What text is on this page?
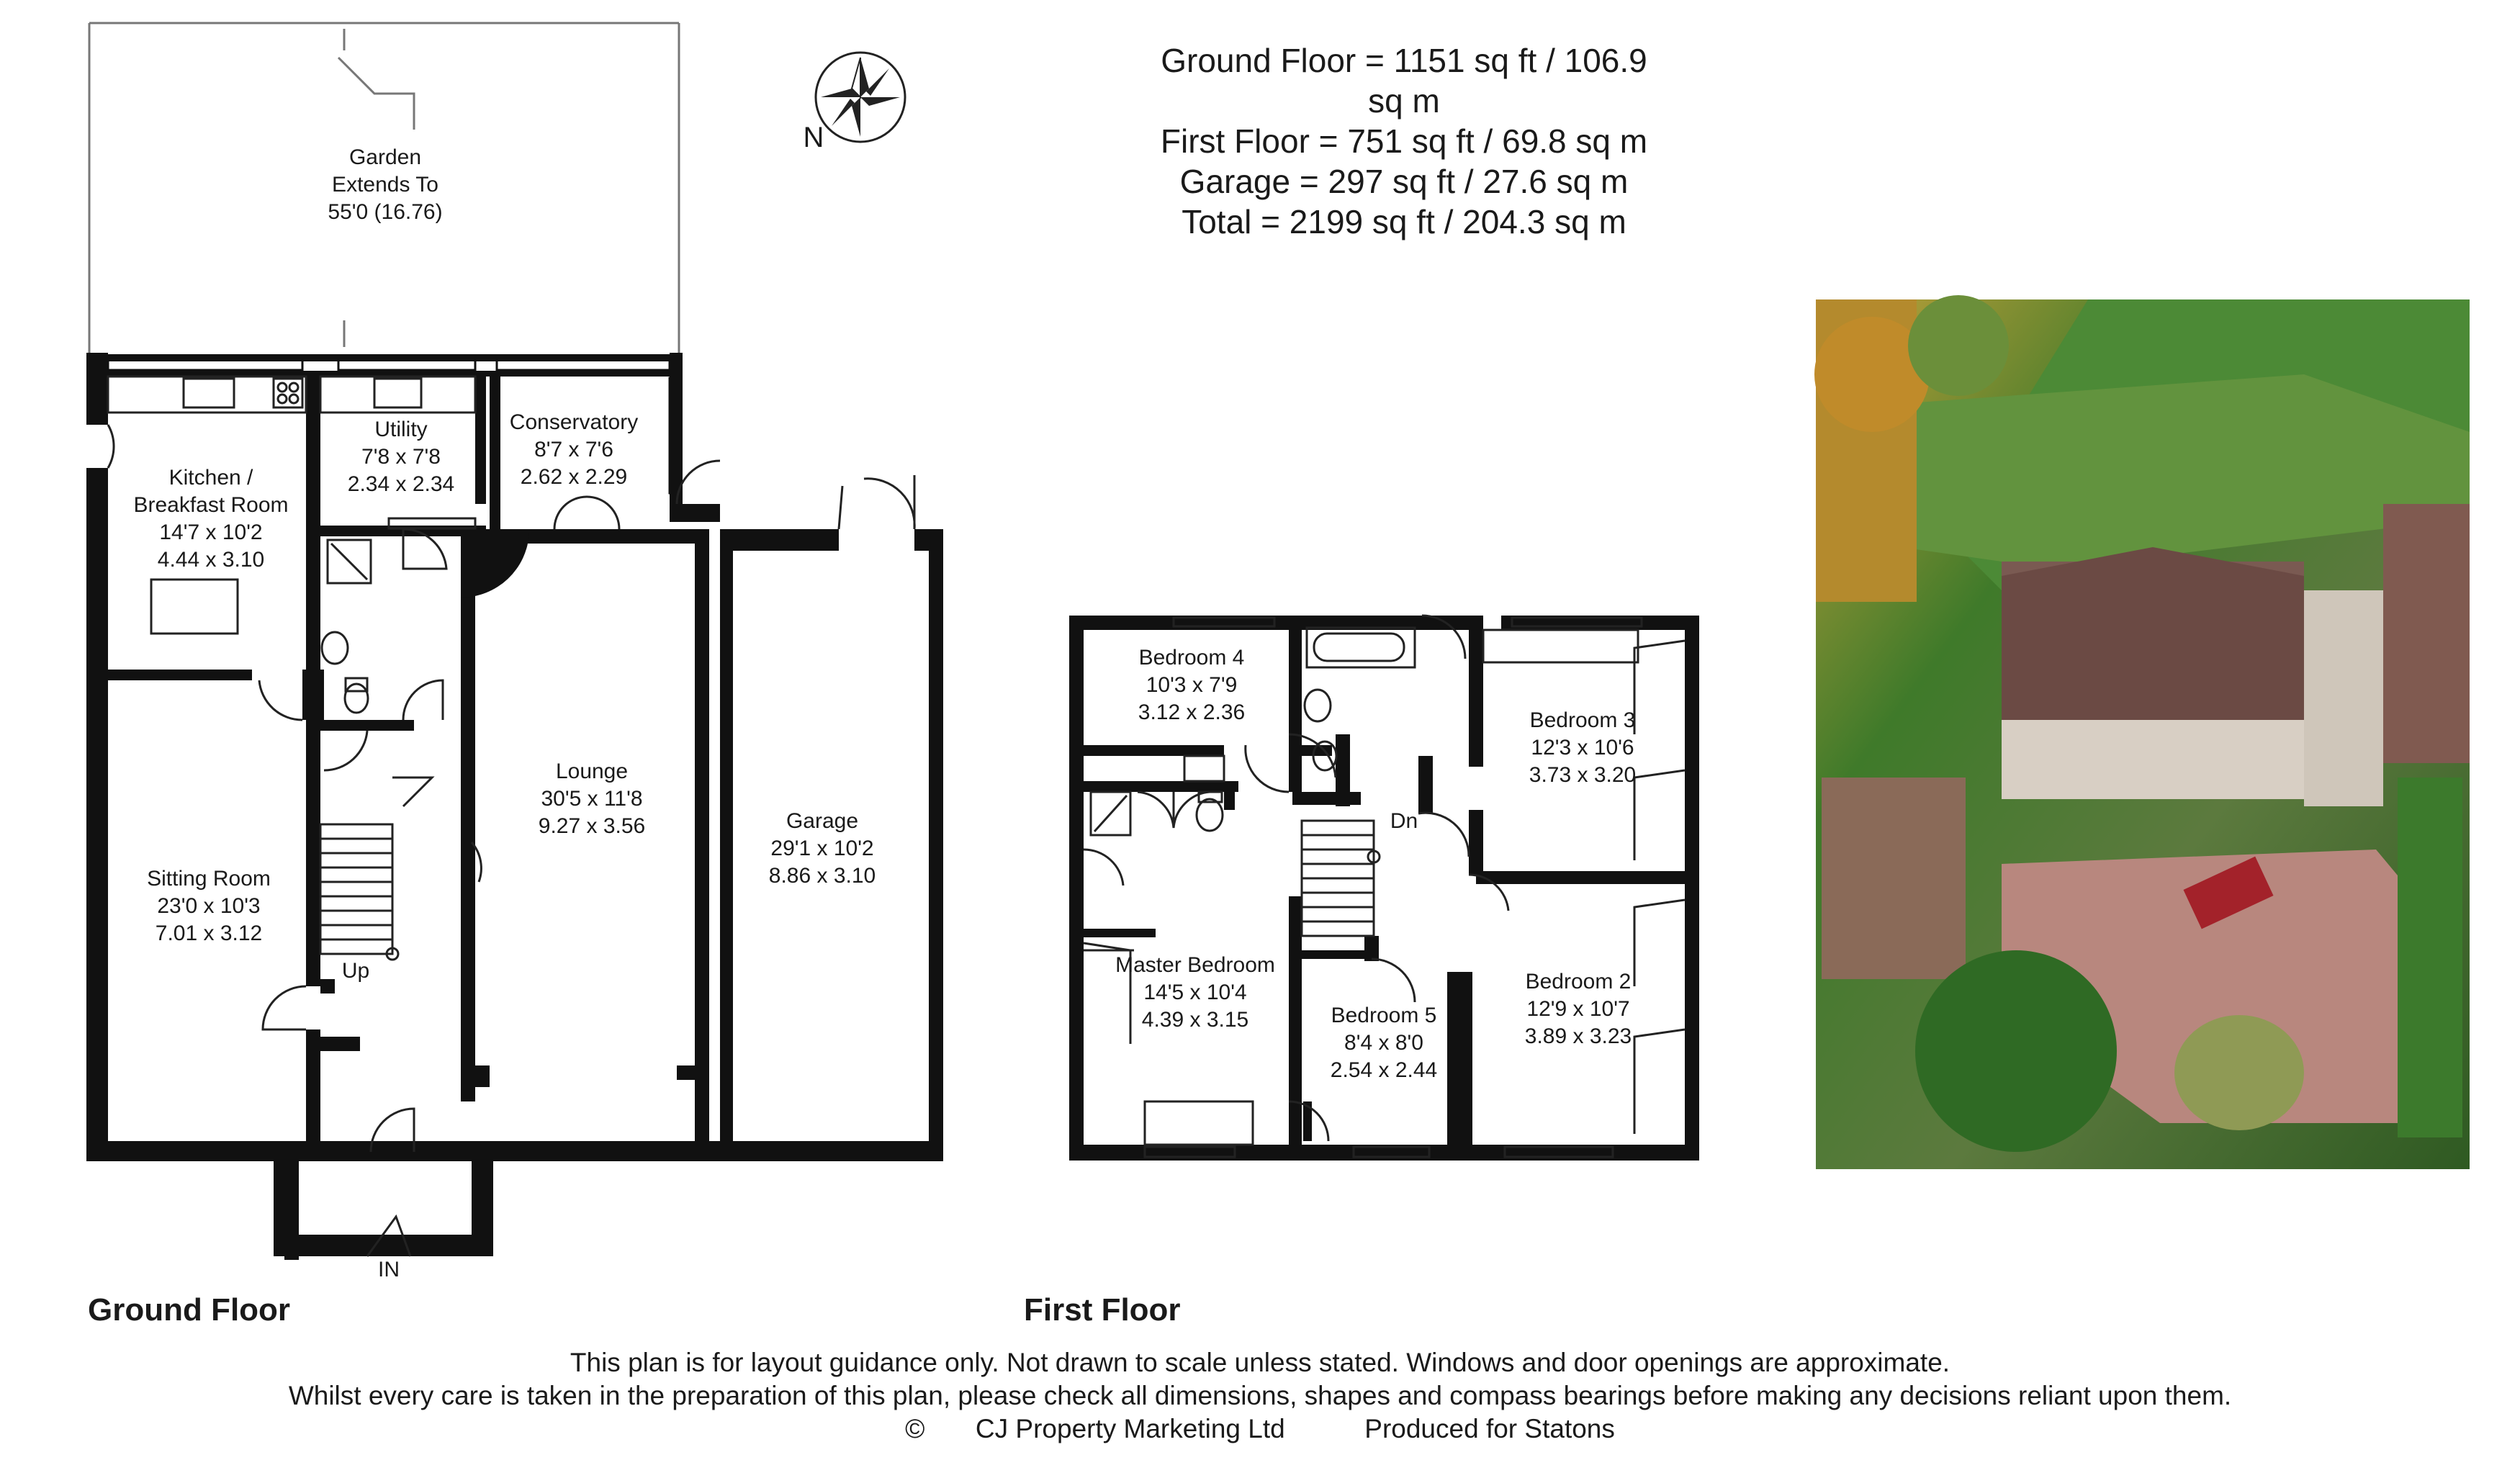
Ground Floor = 1151 sq ft / 106.9 sq m
First Floor = 751 sq ft / 69.8 sq m
Garage = 297 sq ft / 27.6 sq m
Total = 2199 sq ft / 204.3 sq m
N
Garden
Extends To
55'0 (16.76)
Kitchen /
Breakfast Room
14'7 x 10'2
4.44 x 3.10
Utility
7'8 x 7'8
2.34 x 2.34
Conservatory
8'7 x 7'6
2.62 x 2.29
Sitting Room
23'0 x 10'3
7.01 x 3.12
Lounge
30'5 x 11'8
9.27 x 3.56	Garage
29'1 x 10'2
8.86 x 3.10
Up
IN
Bedroom 4
10'3 x 7'9
3.12 x 2.36	Bedroom 3
12'3 x 10'6
3.73 x 3.20
Master Bedroom
14'5 x 10'4
4.39 x 3.15	Bedroom 5
8'4 x 8'0
2.54 x 2.44
Bedroom 2
12'9 x 10'7
3.89 x 3.23
Dn
Ground Floor	First Floor
This plan is for layout guidance only. Not drawn to scale unless stated. Windows and door openings are approximate.
Whilst every care is taken in the preparation of this plan, please check all dimensions, shapes and compass bearings before making any decisions reliant upon them.
© CJ Property Marketing Ltd	Produced for Statons
